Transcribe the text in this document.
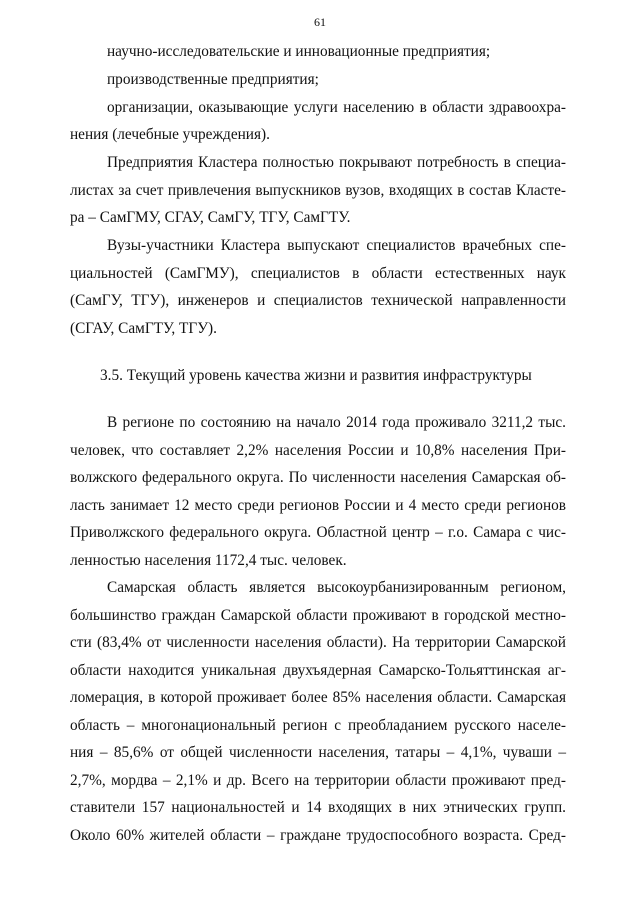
61
научно-исследовательские и инновационные предприятия;
производственные предприятия;
организации, оказывающие услуги населению в области здравоохра-
нения (лечебные учреждения).
Предприятия Кластера полностью покрывают потребность в специа-
листах за счет привлечения выпускников вузов, входящих в состав Класте-
ра – СамГМУ, СГАУ, СамГУ, ТГУ, СамГТУ.
Вузы-участники Кластера выпускают специалистов врачебных спе-
циальностей (СамГМУ), специалистов в области естественных наук
(СамГУ, ТГУ), инженеров и специалистов технической направленности
(СГАУ, СамГТУ, ТГУ).
3.5. Текущий уровень качества жизни и развития инфраструктуры
В регионе по состоянию на начало 2014 года проживало 3211,2 тыс.
человек, что составляет 2,2% населения России и 10,8% населения При-
волжского федерального округа. По численности населения Самарская об-
ласть занимает 12 место среди регионов России и 4 место среди регионов
Приволжского федерального округа. Областной центр – г.о. Самара с чис-
ленностью населения 1172,4 тыс. человек.
Самарская область является высокоурбанизированным регионом,
большинство граждан Самарской области проживают в городской местно-
сти (83,4% от численности населения области). На территории Самарской
области находится уникальная двухъядерная Самарско-Тольяттинская аг-
ломерация, в которой проживает более 85% населения области. Самарская
область – многонациональный регион с преобладанием русского населе-
ния – 85,6% от общей численности населения, татары – 4,1%, чуваши –
2,7%, мордва – 2,1% и др. Всего на территории области проживают пред-
ставители 157 национальностей и 14 входящих в них этнических групп.
Около 60% жителей области – граждане трудоспособного возраста. Сред-
